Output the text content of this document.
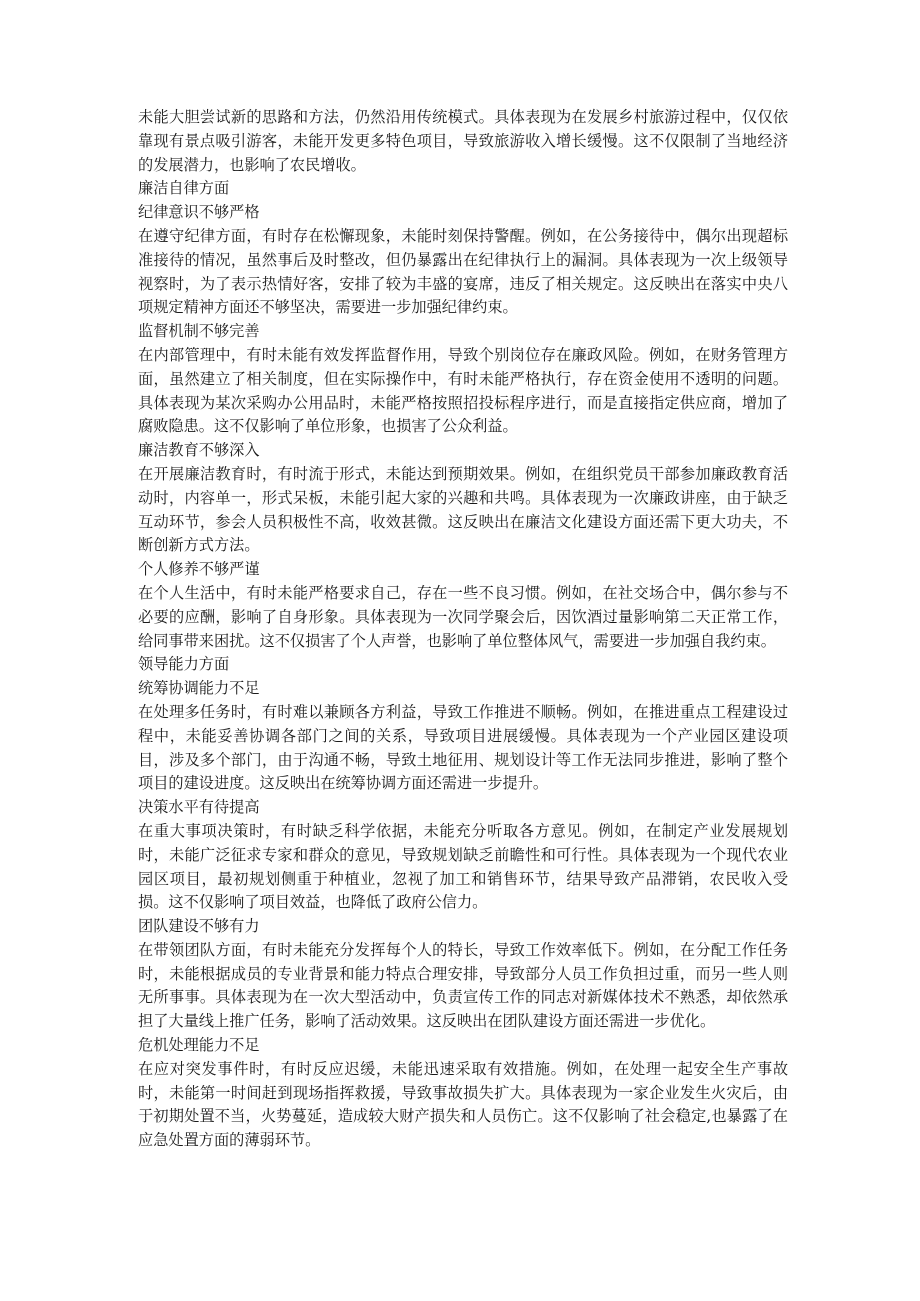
未能大胆尝试新的思路和方法，仍然沿用传统模式。具体表现为在发展乡村旅游过程中，仅仅依靠现有景点吸引游客，未能开发更多特色项目，导致旅游收入增长缓慢。这不仅限制了当地经济的发展潜力，也影响了农民增收。

廉洁自律方面

纪律意识不够严格

在遵守纪律方面，有时存在松懈现象，未能时刻保持警醒。例如，在公务接待中，偶尔出现超标准接待的情况，虽然事后及时整改，但仍暴露出在纪律执行上的漏洞。具体表现为一次上级领导视察时，为了表示热情好客，安排了较为丰盛的宴席，违反了相关规定。这反映出在落实中央八项规定精神方面还不够坚决，需要进一步加强纪律约束。

监督机制不够完善

在内部管理中，有时未能有效发挥监督作用，导致个别岗位存在廉政风险。例如，在财务管理方面，虽然建立了相关制度，但在实际操作中，有时未能严格执行，存在资金使用不透明的问题。具体表现为某次采购办公用品时，未能严格按照招投标程序进行，而是直接指定供应商，增加了腐败隐患。这不仅影响了单位形象，也损害了公众利益。

廉洁教育不够深入

在开展廉洁教育时，有时流于形式，未能达到预期效果。例如，在组织党员干部参加廉政教育活动时，内容单一，形式呆板，未能引起大家的兴趣和共鸣。具体表现为一次廉政讲座，由于缺乏互动环节，参会人员积极性不高，收效甚微。这反映出在廉洁文化建设方面还需下更大功夫，不断创新方式方法。

个人修养不够严谨

在个人生活中，有时未能严格要求自己，存在一些不良习惯。例如，在社交场合中，偶尔参与不必要的应酬，影响了自身形象。具体表现为一次同学聚会后，因饮酒过量影响第二天正常工作，给同事带来困扰。这不仅损害了个人声誉，也影响了单位整体风气，需要进一步加强自我约束。

领导能力方面

统筹协调能力不足

在处理多任务时，有时难以兼顾各方利益，导致工作推进不顺畅。例如，在推进重点工程建设过程中，未能妥善协调各部门之间的关系，导致项目进展缓慢。具体表现为一个产业园区建设项目，涉及多个部门，由于沟通不畅，导致土地征用、规划设计等工作无法同步推进，影响了整个项目的建设进度。这反映出在统筹协调方面还需进一步提升。

决策水平有待提高

在重大事项决策时，有时缺乏科学依据，未能充分听取各方意见。例如，在制定产业发展规划时，未能广泛征求专家和群众的意见，导致规划缺乏前瞻性和可行性。具体表现为一个现代农业园区项目，最初规划侧重于种植业，忽视了加工和销售环节，结果导致产品滞销，农民收入受损。这不仅影响了项目效益，也降低了政府公信力。

团队建设不够有力

在带领团队方面，有时未能充分发挥每个人的特长，导致工作效率低下。例如，在分配工作任务时，未能根据成员的专业背景和能力特点合理安排，导致部分人员工作负担过重，而另一些人则无所事事。具体表现为在一次大型活动中，负责宣传工作的同志对新媒体技术不熟悉，却依然承担了大量线上推广任务，影响了活动效果。这反映出在团队建设方面还需进一步优化。

危机处理能力不足

在应对突发事件时，有时反应迟缓，未能迅速采取有效措施。例如，在处理一起安全生产事故时，未能第一时间赶到现场指挥救援，导致事故损失扩大。具体表现为一家企业发生火灾后，由于初期处置不当，火势蔓延，造成较大财产损失和人员伤亡。这不仅影响了社会稳定,也暴露了在应急处置方面的薄弱环节。
